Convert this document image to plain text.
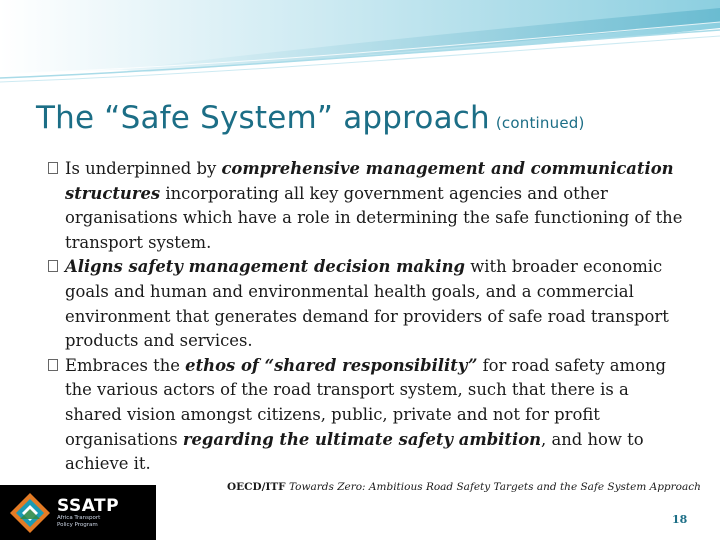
The “Safe System” approach (continued)
Is underpinned by comprehensive management and communication structures incorporating all key government agencies and other organisations which have a role in determining the safe functioning of the transport system.
Aligns safety management decision making with broader economic goals and human and environmental health goals, and a commercial environment that generates demand for providers of safe road transport products and services.
Embraces the ethos of “shared responsibility” for road safety among the various actors of the road transport system, such that there is a shared vision amongst citizens, public, private and not for profit organisations regarding the ultimate safety ambition, and how to achieve it.
OECD/ITF Towards Zero: Ambitious Road Safety Targets and the Safe System Approach
SSATP
Africa Transport
Policy Program	18
